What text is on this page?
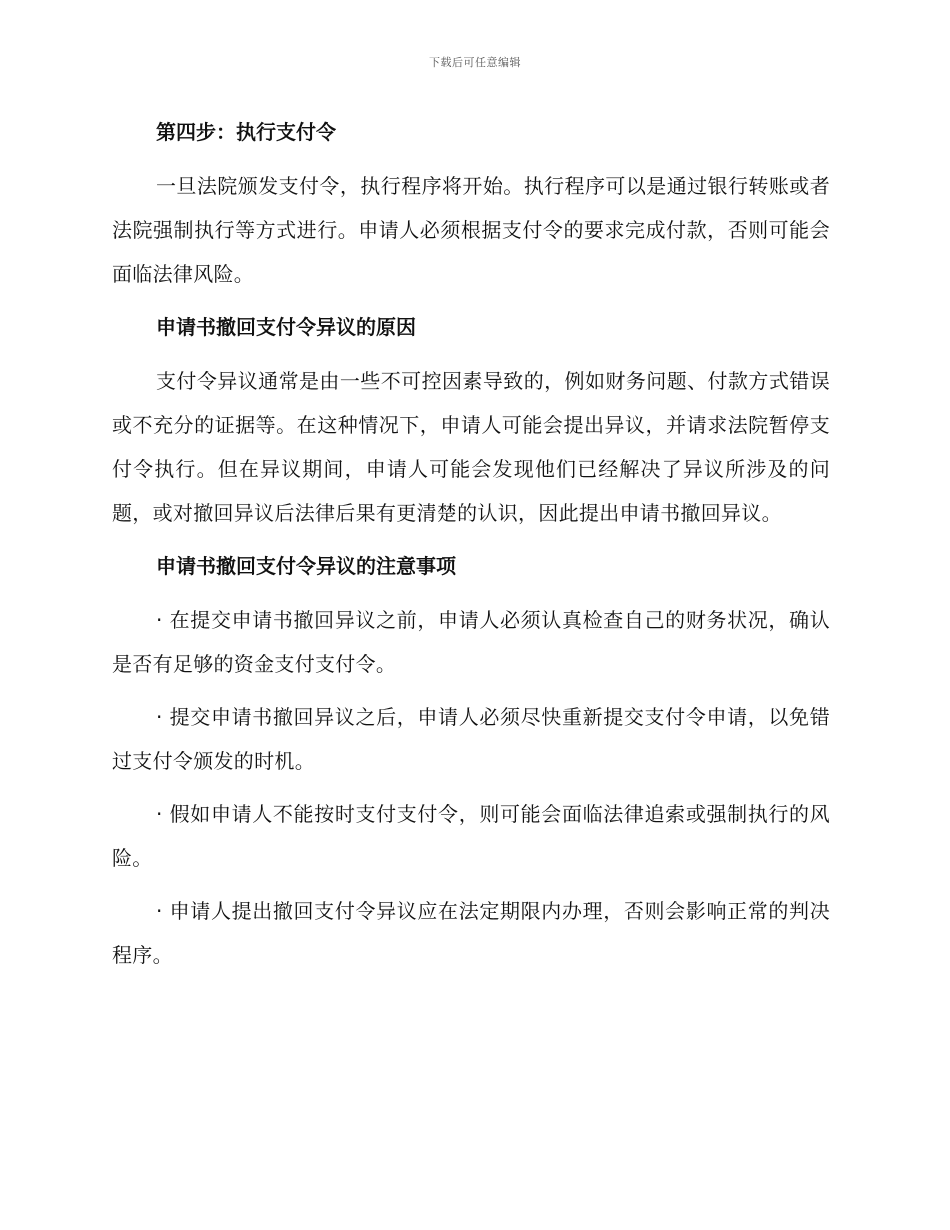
下载后可任意编辑
第四步：执行支付令

一旦法院颁发支付令，执行程序将开始。执行程序可以是通过银行转账或者法院强制执行等方式进行。申请人必须根据支付令的要求完成付款，否则可能会面临法律风险。

申请书撤回支付令异议的原因

支付令异议通常是由一些不可控因素导致的，例如财务问题、付款方式错误或不充分的证据等。在这种情况下，申请人可能会提出异议，并请求法院暂停支付令执行。但在异议期间，申请人可能会发现他们已经解决了异议所涉及的问题，或对撤回异议后法律后果有更清楚的认识，因此提出申请书撤回异议。

申请书撤回支付令异议的注意事项

· 在提交申请书撤回异议之前，申请人必须认真检查自己的财务状况，确认是否有足够的资金支付支付令。

· 提交申请书撤回异议之后，申请人必须尽快重新提交支付令申请，以免错过支付令颁发的时机。

· 假如申请人不能按时支付支付令，则可能会面临法律追索或强制执行的风险。

· 申请人提出撤回支付令异议应在法定期限内办理，否则会影响正常的判决程序。
